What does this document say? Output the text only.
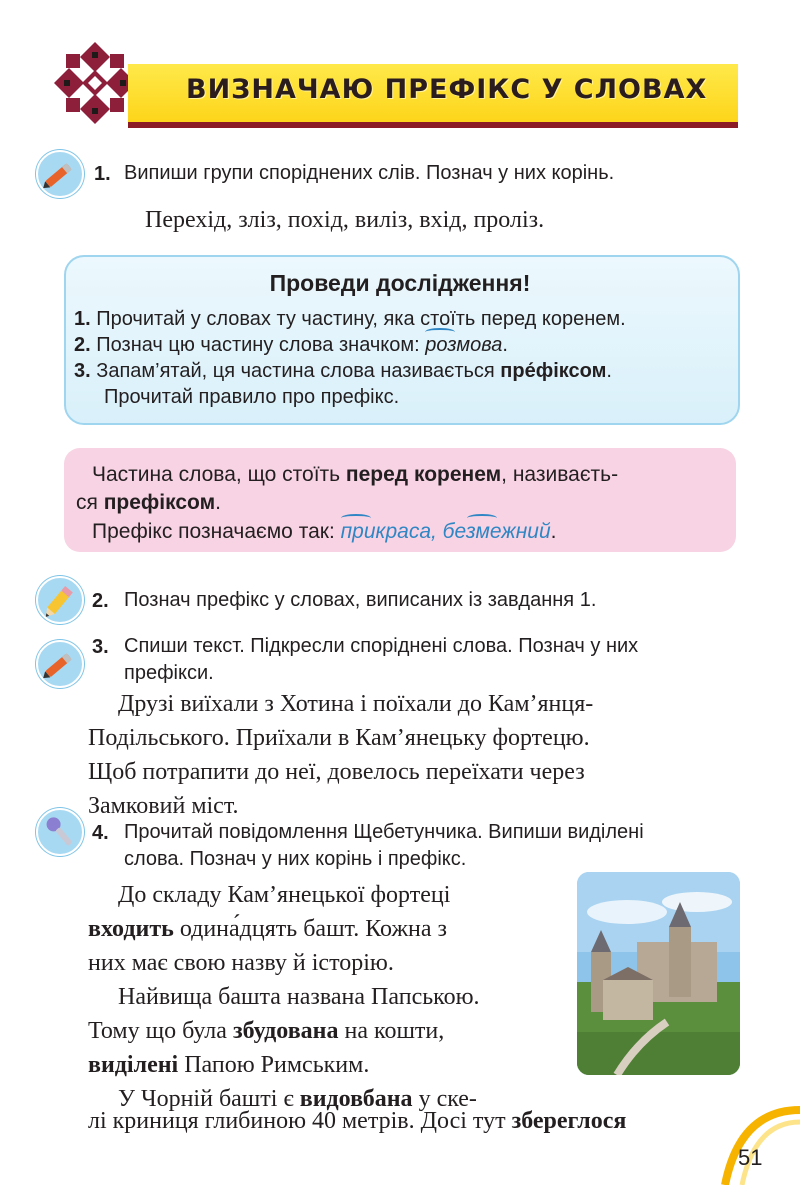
ВИЗНАЧАЮ ПРЕФІКС У СЛОВАХ
1. Випиши групи споріднених слів. Познач у них корінь.
Перехід, зліз, похід, виліз, вхід, проліз.
Проведи дослідження!
1. Прочитай у словах ту частину, яка стоїть перед коренем.
2. Познач цю частину слова значком:
розмова.
3. Запам’ятай, ця частина слова називається пре́фіксом.
Прочитай правило про префікс.
Частина слова, що стоїть перед коренем, називаєть-
ся префіксом.
Префікс позначаємо так:
прикраса, безмежний.
2. Познач префікс у словах, виписаних із завдання 1.
3. Спиши текст. Підкресли споріднені слова. Познач у них
префікси.
Друзі виїхали з Хотина і поїхали до Кам’янця-
Подільського. Приїхали в Кам’янецьку фортецю.
Щоб потрапити до неї, довелось переїхати через
Замковий міст.
4. Прочитай повідомлення Щебетунчика. Випиши виділені
слова. Познач у них корінь і префікс.
До складу Кам’янецької фортеці
входить одина́дцять башт. Кожна з
них має свою назву й історію.
Найвища башта названа Папською.
Тому що була збудована на кошти,
виділені Папою Римським.
У Чорній башті є видовбана у ске-
лі криниця глибиною 40 метрів. Досі тут збереглося
51
